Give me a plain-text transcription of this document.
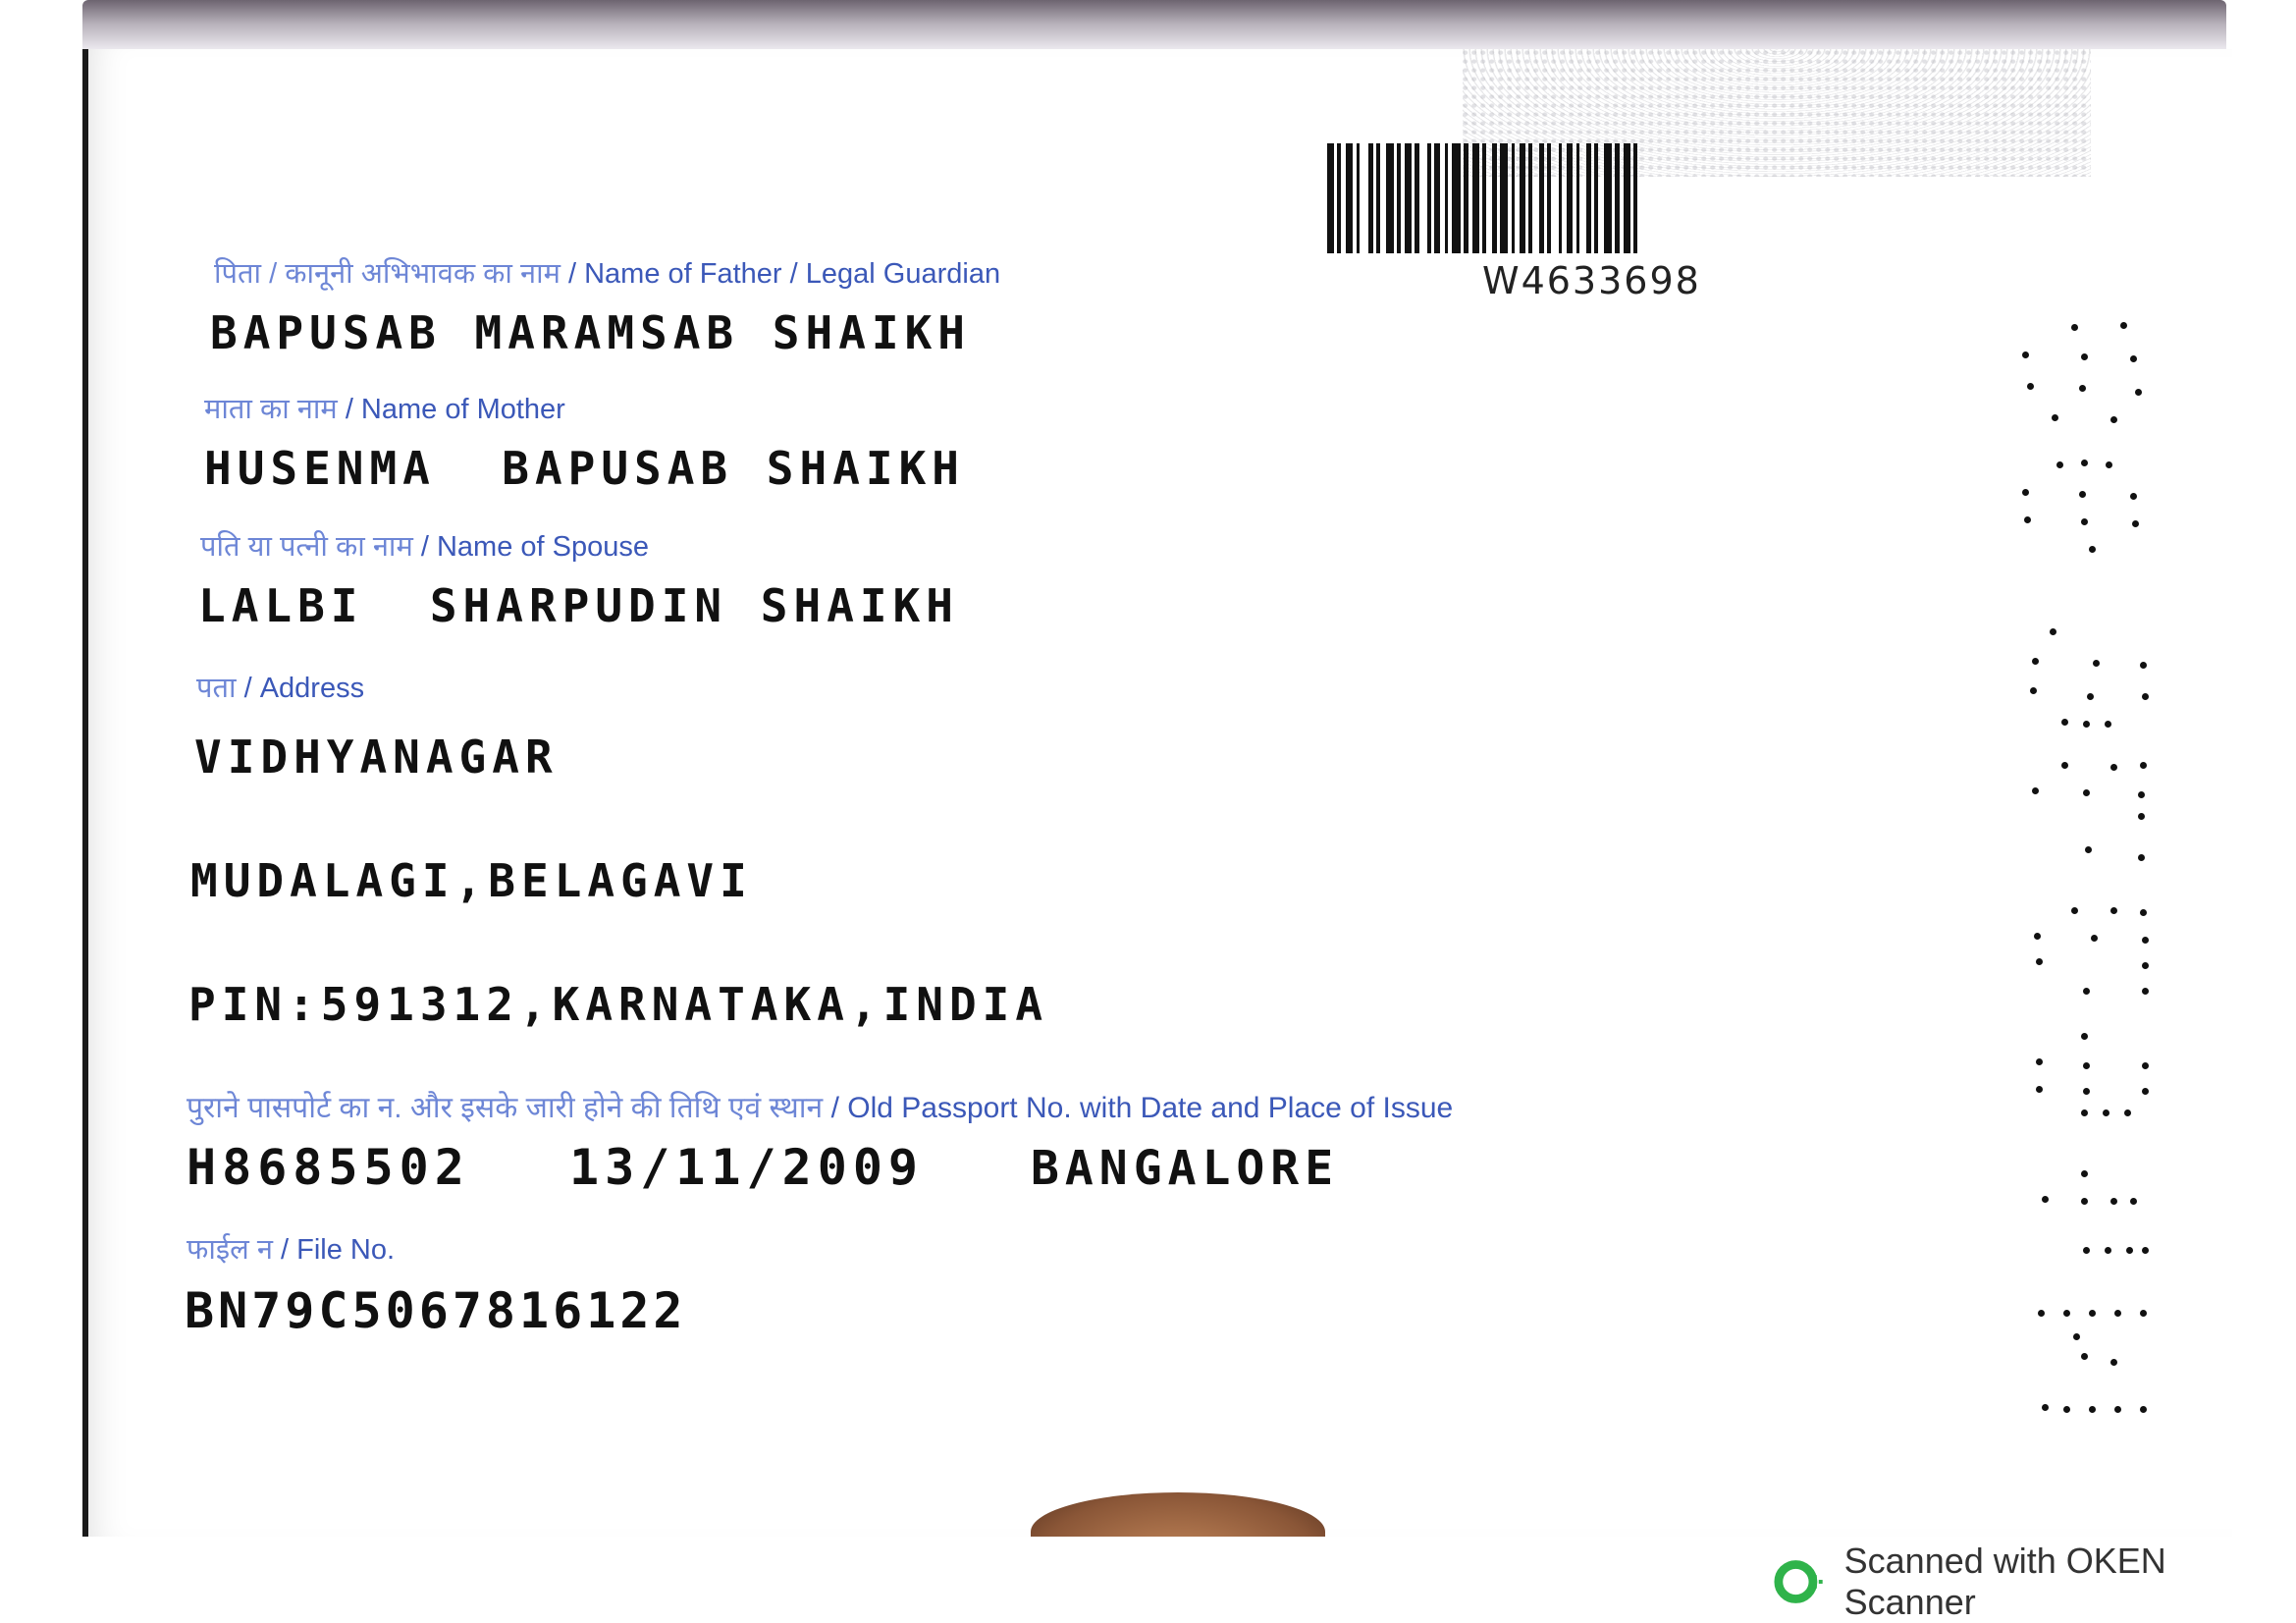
W4633698
पिता / कानूनी अभिभावक का नाम / Name of Father / Legal Guardian
BAPUSAB MARAMSAB SHAIKH
माता का नाम / Name of Mother
HUSENMA  BAPUSAB SHAIKH
पति या पत्नी का नाम / Name of Spouse
LALBI  SHARPUDIN SHAIKH
पता / Address
VIDHYANAGAR
MUDALAGI,BELAGAVI
PIN:591312,KARNATAKA,INDIA
पुराने पासपोर्ट का न. और इसके जारी होने की तिथि एवं स्थान / Old Passport No. with Date and Place of Issue
H8685502 13/11/2009 BANGALORE
फाईल न / File No.
BN79C5067816122
Scanned with OKEN Scanner
